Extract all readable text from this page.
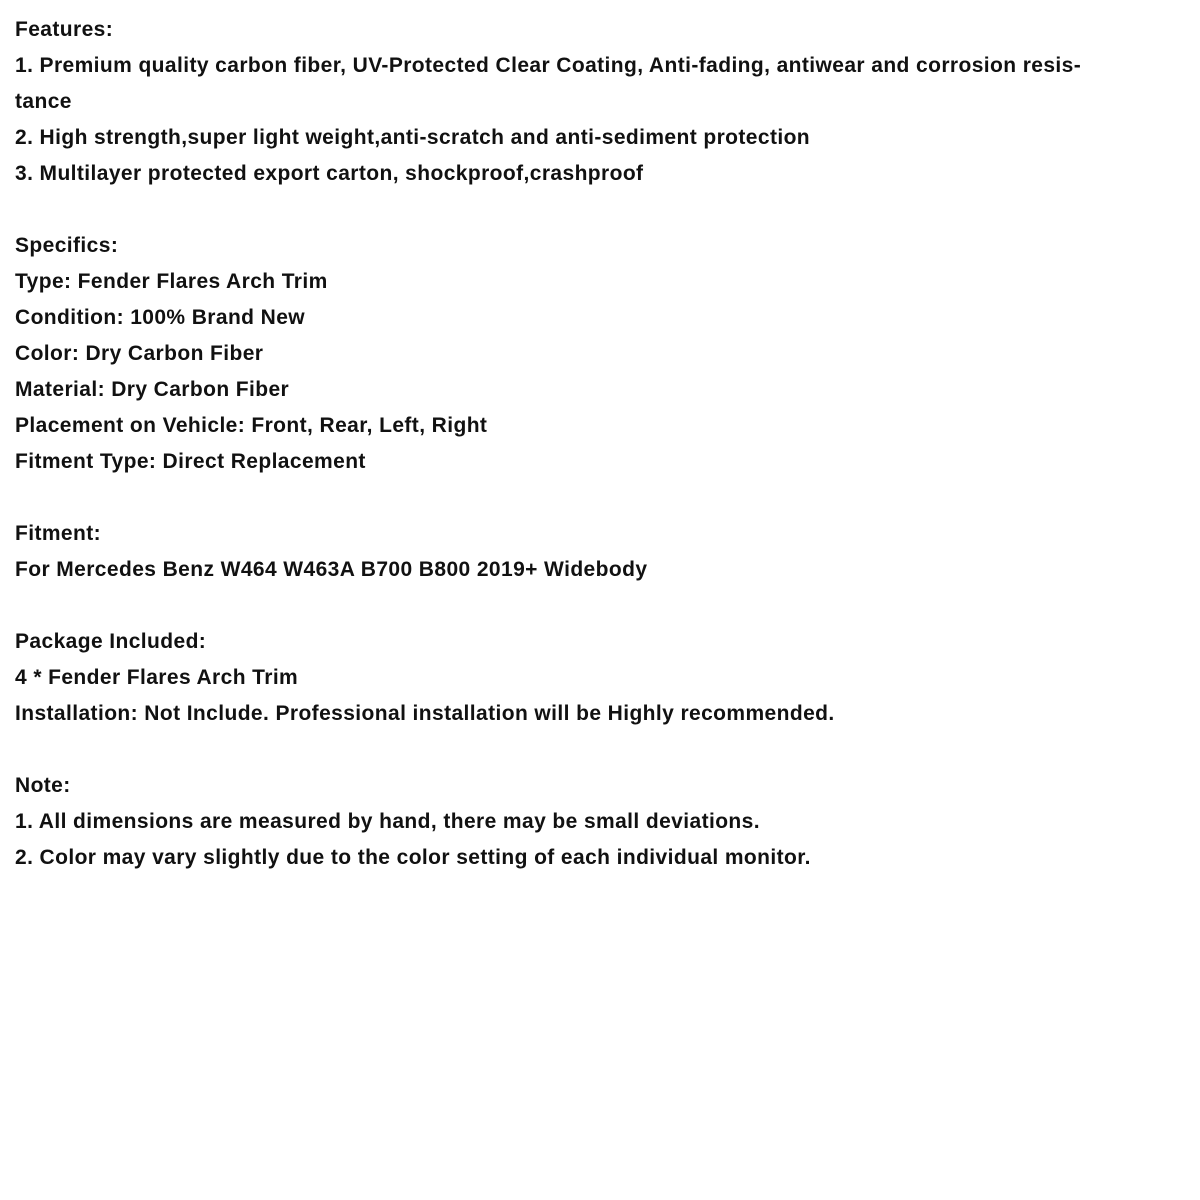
Features:
1. Premium quality carbon fiber, UV-Protected Clear Coating, Anti-fading, antiwear and corrosion resis-
tance
2. High strength,super light weight,anti-scratch and anti-sediment protection
3. Multilayer protected export carton, shockproof,crashproof
Specifics:
Type: Fender Flares Arch Trim
Condition: 100% Brand New
Color: Dry Carbon Fiber
Material: Dry Carbon Fiber
Placement on Vehicle: Front, Rear, Left, Right
Fitment Type: Direct Replacement
Fitment:
For Mercedes Benz W464 W463A B700 B800 2019+ Widebody
Package Included:
4 * Fender Flares Arch Trim
Installation: Not Include. Professional installation will be Highly recommended.
Note:
1. All dimensions are measured by hand, there may be small deviations.
2. Color may vary slightly due to the color setting of each individual monitor.
